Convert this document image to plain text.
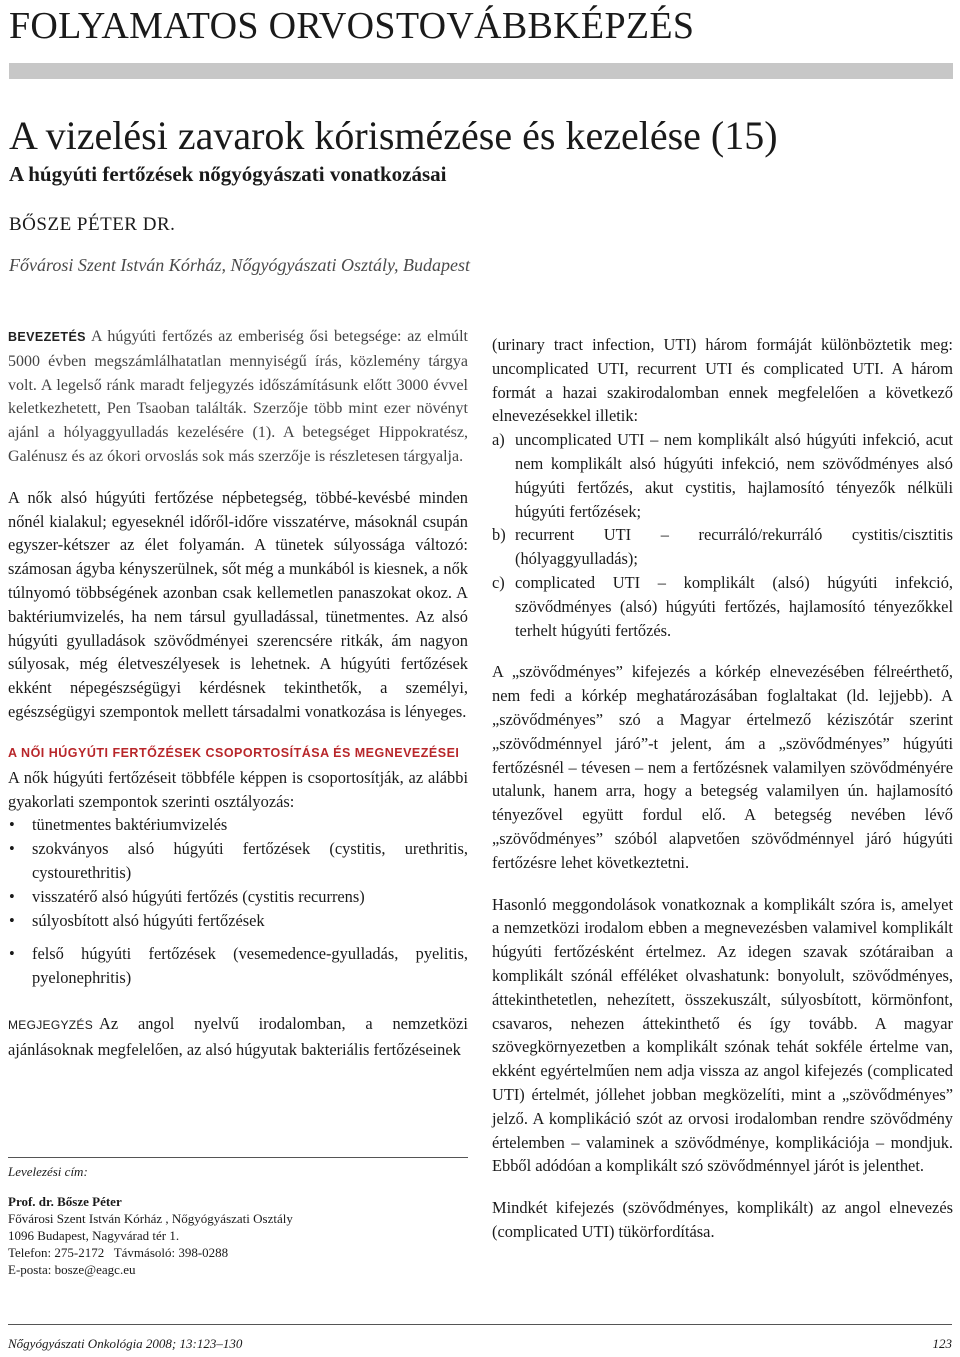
FOLYAMATOS ORVOSTOVÁBBKÉPZÉS
A vizelési zavarok kórismézése és kezelése (15)
A húgyúti fertőzések nőgyógyászati vonatkozásai
BŐSZE PÉTER DR.
Fővárosi Szent István Kórház, Nőgyógyászati Osztály, Budapest

BEVEZETÉS A húgyúti fertőzés az emberiség ősi betegsége: az elmúlt 5000 évben megszámlálhatatlan mennyiségű írás, közlemény tárgya volt. A legelső ránk maradt feljegyzés időszámításunk előtt 3000 évvel keletkezhetett, Pen Tsaoban találták. Szerzője több mint ezer növényt ajánl a hólyaggyulladás kezelésére (1). A betegséget Hippokratész, Galénusz és az ókori orvoslás sok más szerzője is részletesen tárgyalja.

A nők alsó húgyúti fertőzése népbetegség, többé-kevésbé minden nőnél kialakul; egyeseknél időről-időre visszatérve, másoknál csupán egyszer-kétszer az élet folyamán. A tünetek súlyossága változó: számosan ágyba kényszerülnek, sőt még a munkából is kiesnek, a nők túlnyomó többségének azonban csak kellemetlen panaszokat okoz. A baktériumvizelés, ha nem társul gyulladással, tünetmentes. Az alsó húgyúti gyulladások szövődményei szerencsére ritkák, ám nagyon súlyosak, még életveszélyesek is lehetnek. A húgyúti fertőzések ekként népegészségügyi kérdésnek tekinthetők, a személyi, egészségügyi szempontok mellett társadalmi vonatkozása is lényeges.

A NŐI HÚGYÚTI FERTŐZÉSEK CSOPORTOSÍTÁSA ÉS MEGNEVEZÉSEI

A nők húgyúti fertőzéseit többféle képpen is csoportosítják, az alábbi gyakorlati szempontok szerinti osztályozás:

• tünetmentes baktériumvizelés
• szokványos alsó húgyúti fertőzések (cystitis, urethritis, cystourethritis)
• visszatérő alsó húgyúti fertőzés (cystitis recurrens)
• súlyosbított alsó húgyúti fertőzések
• felső húgyúti fertőzések (vesemedence-gyulladás, pyelitis, pyelonephritis)

MEGJEGYZÉS Az angol nyelvű irodalomban, a nemzetközi ajánlásoknak megfelelően, az alsó húgyutak bakteriális fertőzéseinek

Levelezési cím:
Prof. dr. Bősze Péter
Fővárosi Szent István Kórház , Nőgyógyászati Osztály
1096 Budapest, Nagyvárad tér 1.
Telefon: 275-2172   Távmásoló: 398-0288
E-posta: bosze@eagc.eu

(urinary tract infection, UTI) három formáját különböztetik meg: uncomplicated UTI, recurrent UTI és complicated UTI. A három formát a hazai szakirodalomban ennek megfelelően a következő elnevezésekkel illetik:

a) uncomplicated UTI – nem komplikált alsó húgyúti infekció, acut nem komplikált alsó húgyúti infekció, nem szövődményes alsó húgyúti fertőzés, akut cystitis, hajlamosító tényezők nélküli húgyúti fertőzések;
b) recurrent UTI – recurráló/rekurráló cystitis/cisztitis (hólyaggyulladás);
c) complicated UTI – komplikált (alsó) húgyúti infekció, szövődményes (alsó) húgyúti fertőzés, hajlamosító tényezőkkel terhelt húgyúti fertőzés.

A „szövődményes” kifejezés a kórkép elnevezésében félreérthető, nem fedi a kórkép meghatározásában foglaltakat (ld. lejjebb). A „szövődményes” szó a Magyar értelmező kéziszótár szerint „szövődménnyel járó”-t jelent, ám a „szövődményes” húgyúti fertőzésnél – tévesen – nem a fertőzésnek valamilyen szövődményére utalunk, hanem arra, hogy a betegség valamilyen ún. hajlamosító tényezővel együtt fordul elő. A betegség nevében lévő „szövődményes” szóból alapvetően szövődménnyel járó húgyúti fertőzésre lehet következtetni.

Hasonló meggondolások vonatkoznak a komplikált szóra is, amelyet a nemzetközi irodalom ebben a megnevezésben valamivel komplikált húgyúti fertőzésként értelmez. Az idegen szavak szótáraiban a komplikált szónál efféléket olvashatunk: bonyolult, szövődményes, áttekinthetetlen, nehezített, összekuszált, súlyosbított, körmönfont, csavaros, nehezen áttekinthető és így tovább. A magyar szövegkörnyezetben a komplikált szónak tehát sokféle értelme van, ekként egyértelműen nem adja vissza az angol kifejezés (complicated UTI) értelmét, jóllehet jobban megközelíti, mint a „szövődményes” jelző. A komplikáció szót az orvosi irodalomban rendre szövődmény értelemben – valaminek a szövődménye, komplikációja – mondjuk. Ebből adódóan a komplikált szó szövődménnyel járót is jelenthet.

Mindkét kifejezés (szövődményes, komplikált) az angol elnevezés (complicated UTI) tükörfordítása.

Nőgyógyászati Onkológia 2008; 13:123–130	123
